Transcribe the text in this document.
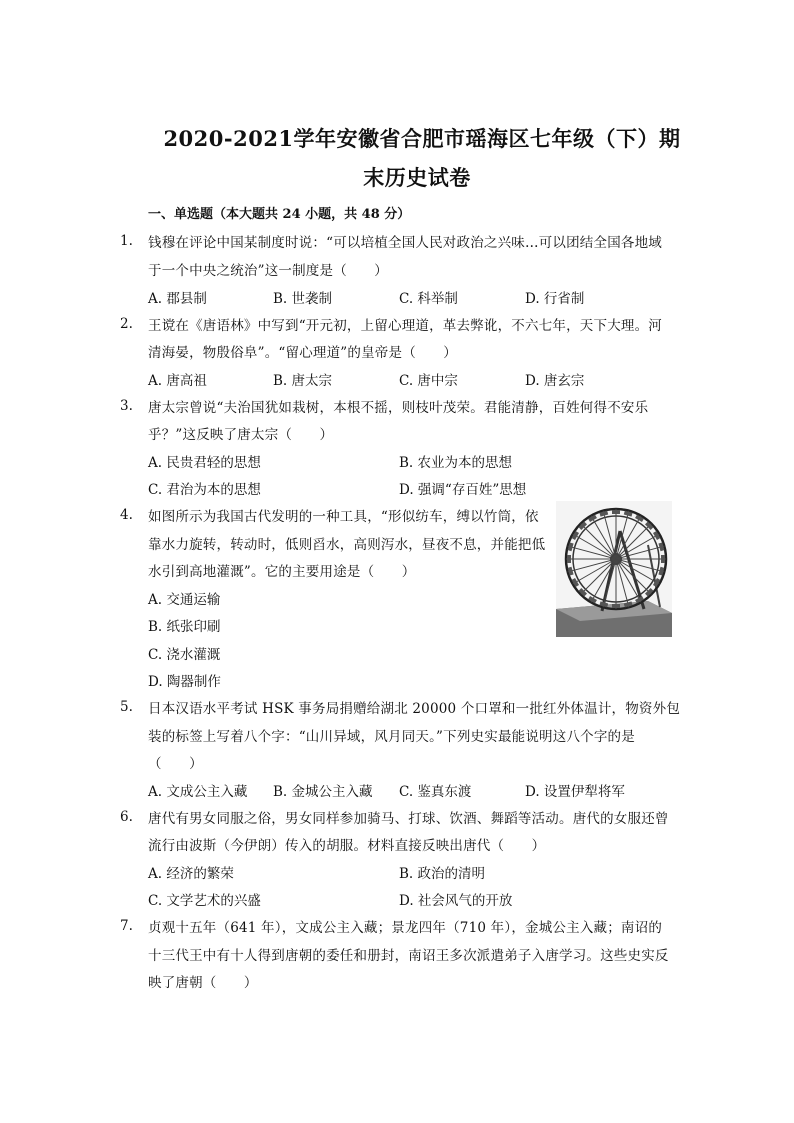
2020-2021学年安徽省合肥市瑶海区七年级（下）期
末历史试卷
一、单选题（本大题共 24 小题，共 48 分）
1. 钱穆在评论中国某制度时说：“可以培植全国人民对政治之兴味…可以团结全国各地域
于一个中央之统治”这一制度是（　　）
A. 郡县制	B. 世袭制	C. 科举制	D. 行省制
2. 王谠在《唐语林》中写到“开元初，上留心理道，革去弊讹，不六七年，天下大理。河
清海晏，物殷俗阜”。“留心理道”的皇帝是（　　）
A. 唐高祖	B. 唐太宗	C. 唐中宗	D. 唐玄宗
3. 唐太宗曾说“夫治国犹如栽树，本根不摇，则枝叶茂荣。君能清静，百姓何得不安乐
乎？”这反映了唐太宗（　　）
A. 民贵君轻的思想	B. 农业为本的思想
C. 君治为本的思想	D. 强调“存百姓”思想
4. 如图所示为我国古代发明的一种工具，“形似纺车，缚以竹筒，依
靠水力旋转，转动时，低则舀水，高则泻水，昼夜不息，并能把低
水引到高地灌溉”。它的主要用途是（　　）
A. 交通运输
B. 纸张印刷
C. 浇水灌溉
D. 陶器制作
5. 日本汉语水平考试 HSK 事务局捐赠给湖北 20000 个口罩和一批红外体温计，物资外包
装的标签上写着八个字：“山川异域，风月同天。”下列史实最能说明这八个字的是
（　　）
A. 文成公主入藏 B. 金城公主入藏 C. 鉴真东渡	D. 设置伊犁将军
6. 唐代有男女同服之俗，男女同样参加骑马、打球、饮酒、舞蹈等活动。唐代的女服还曾
流行由波斯（今伊朗）传入的胡服。材料直接反映出唐代（　　）
A. 经济的繁荣	B. 政治的清明
C. 文学艺术的兴盛	D. 社会风气的开放
7. 贞观十五年（641 年），文成公主入藏；景龙四年（710 年），金城公主入藏；南诏的
十三代王中有十人得到唐朝的委任和册封，南诏王多次派遣弟子入唐学习。这些史实反
映了唐朝（　　）
